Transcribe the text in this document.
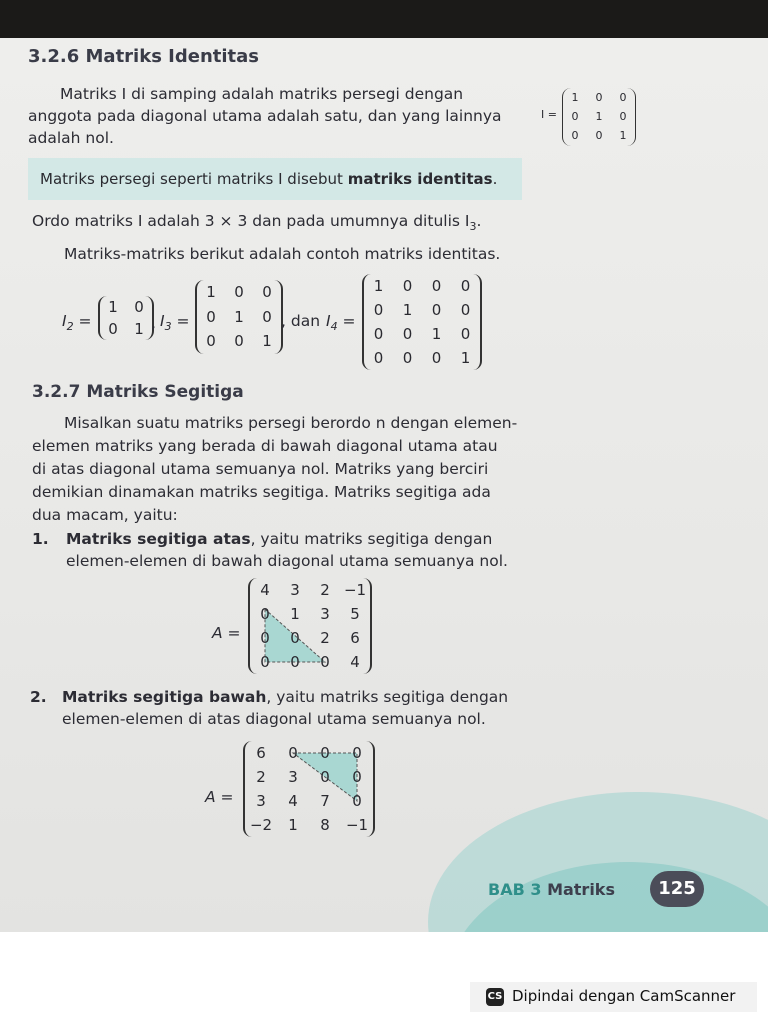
3.2.6 Matriks Identitas
Matriks I di samping adalah matriks persegi dengan
anggota pada diagonal utama adalah satu, dan yang lainnya
adalah nol.
I =
1	0	0
0	1	0
0	0	1
Matriks persegi seperti matriks I disebut matriks identitas.
Ordo matriks I adalah 3 × 3 dan pada umumnya ditulis $I_3$.
Matriks-matriks berikut adalah contoh matriks identitas.
$I_2$ =
1	0
0	1 , $I_3$ =
1	0	0
0	1	0
0	0	1
, dan $I_4$ =
1	0	0	0
0	1	0	0
0	0	1	0
0	0	0	1
3.2.7 Matriks Segitiga
Misalkan suatu matriks persegi berordo n dengan elemen-
elemen matriks yang berada di bawah diagonal utama atau
di atas diagonal utama semuanya nol. Matriks yang berciri
demikian dinamakan matriks segitiga. Matriks segitiga ada
dua macam, yaitu:
1. Matriks segitiga atas, yaitu matriks segitiga dengan
elemen-elemen di bawah diagonal utama semuanya nol.
A =
4	3	2 −1
0	1	3	5
0	0	2	6
0	0	0	4
2. Matriks segitiga bawah, yaitu matriks segitiga dengan
elemen-elemen di atas diagonal utama semuanya nol.
A =
6	0	0	0
2	3	0	0
3	4	7	0
−2	1	8	−1
BAB 3 Matriks	125
CS Dipindai dengan CamScanner
